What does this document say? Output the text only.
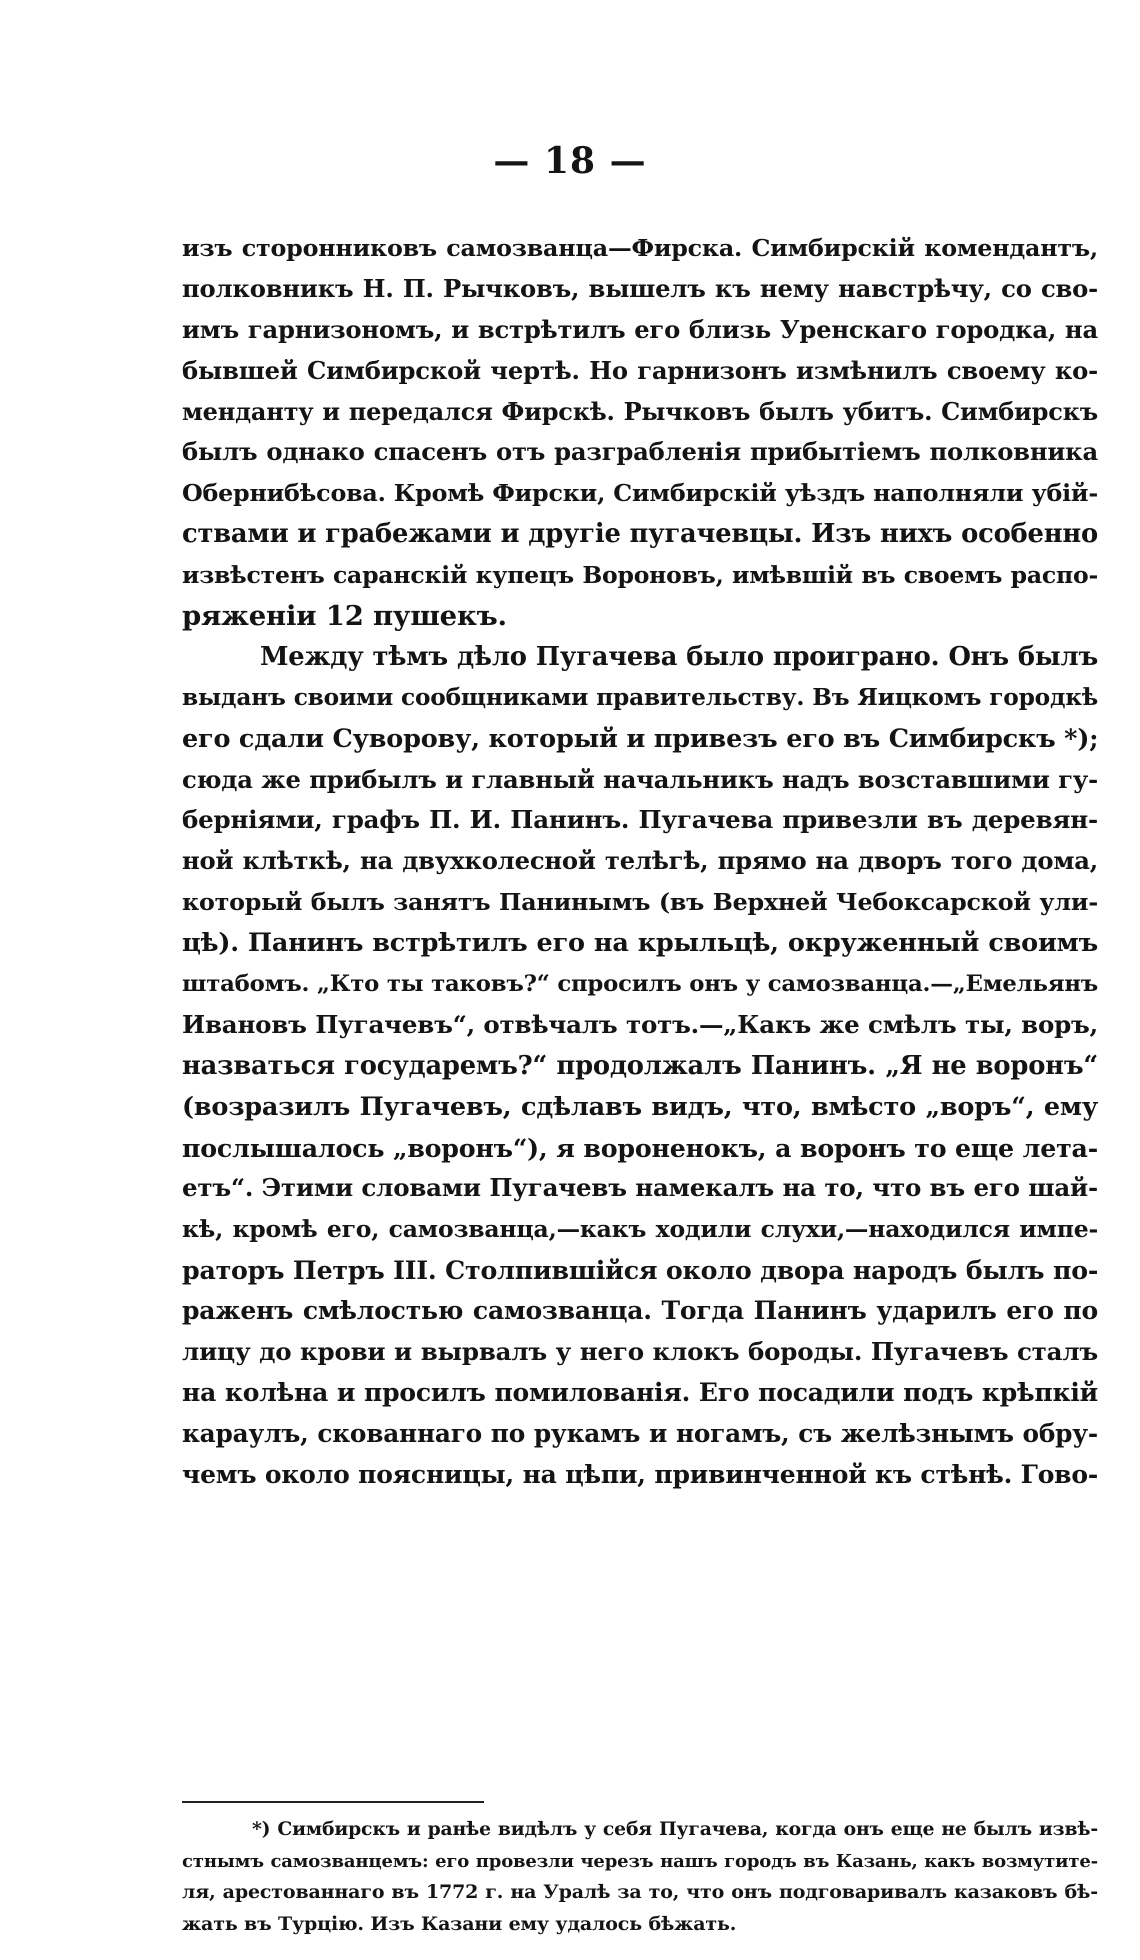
— 18 —
изъ сторонниковъ самозванца—Фирска. Симбирскій комендантъ,
полковникъ Н. П. Рычковъ, вышелъ къ нему навстрѣчу, со сво-
имъ гарнизономъ, и встрѣтилъ его близь Уренскаго городка, на
бывшей Симбирской чертѣ. Но гарнизонъ измѣнилъ своему ко-
менданту и передался Фирскѣ. Рычковъ былъ убитъ. Симбирскъ
былъ однако спасенъ отъ разграбленія прибытіемъ полковника
Обернибѣсова. Кромѣ Фирски, Симбирскій уѣздъ наполняли убій-
ствами и грабежами и другіе пугачевцы. Изъ нихъ особенно
извѣстенъ саранскій купецъ Вороновъ, имѣвшій въ своемъ распо-
ряженіи 12 пушекъ.
Между тѣмъ дѣло Пугачева было проиграно. Онъ былъ
выданъ своими сообщниками правительству. Въ Яицкомъ городкѣ
его сдали Суворову, который и привезъ его въ Симбирскъ *);
сюда же прибылъ и главный начальникъ надъ возставшими гу-
берніями, графъ П. И. Панинъ. Пугачева привезли въ деревян-
ной клѣткѣ, на двухколесной телѣгѣ, прямо на дворъ того дома,
который былъ занятъ Панинымъ (въ Верхней Чебоксарской ули-
цѣ). Панинъ встрѣтилъ его на крыльцѣ, окруженный своимъ
штабомъ. „Кто ты таковъ?“ спросилъ онъ у самозванца.—„Емельянъ
Ивановъ Пугачевъ“, отвѣчалъ тотъ.—„Какъ же смѣлъ ты, воръ,
назваться государемъ?“ продолжалъ Панинъ. „Я не воронъ“
(возразилъ Пугачевъ, сдѣлавъ видъ, что, вмѣсто „воръ“, ему
послышалось „воронъ“), я вороненокъ, а воронъ то еще лета-
етъ“. Этими словами Пугачевъ намекалъ на то, что въ его шай-
кѣ, кромѣ его, самозванца,—какъ ходили слухи,—находился импе-
раторъ Петръ III. Столпившійся около двора народъ былъ по-
раженъ смѣлостью самозванца. Тогда Панинъ ударилъ его по
лицу до крови и вырвалъ у него клокъ бороды. Пугачевъ сталъ
на колѣна и просилъ помилованія. Его посадили подъ крѣпкій
караулъ, скованнаго по рукамъ и ногамъ, съ желѣзнымъ обру-
чемъ около поясницы, на цѣпи, привинченной къ стѣнѣ. Гово-
*) Симбирскъ и ранѣе видѣлъ у себя Пугачева, когда онъ еще не былъ извѣ-
стнымъ самозванцемъ: его провезли черезъ нашъ городъ въ Казань, какъ возмутите-
ля, арестованнаго въ 1772 г. на Уралѣ за то, что онъ подговаривалъ казаковъ бѣ-
жать въ Турцію. Изъ Казани ему удалось бѣжать.
